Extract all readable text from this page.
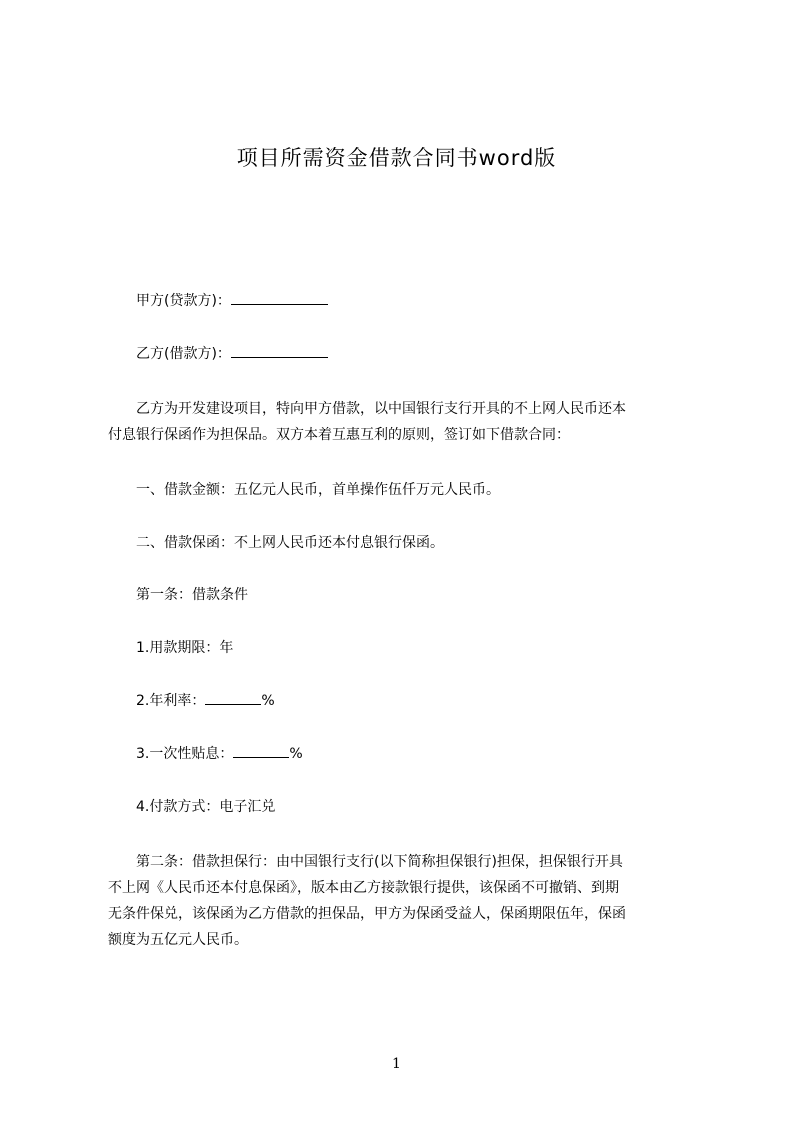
项目所需资金借款合同书word版
甲方(贷款方)：
乙方(借款方)：
乙方为开发建设项目，特向甲方借款，以中国银行支行开具的不上网人民币还本
付息银行保函作为担保品。双方本着互惠互利的原则，签订如下借款合同：
一、借款金额：五亿元人民币，首单操作伍仟万元人民币。
二、借款保函：不上网人民币还本付息银行保函。
第一条：借款条件
1.用款期限：年
2.年利率：	%
3.一次性贴息：	%
4.付款方式：电子汇兑
第二条：借款担保行：由中国银行支行(以下简称担保银行)担保，担保银行开具
不上网《人民币还本付息保函》，版本由乙方接款银行提供，该保函不可撤销、到期
无条件保兑，该保函为乙方借款的担保品，甲方为保函受益人，保函期限伍年，保函
额度为五亿元人民币。
1
